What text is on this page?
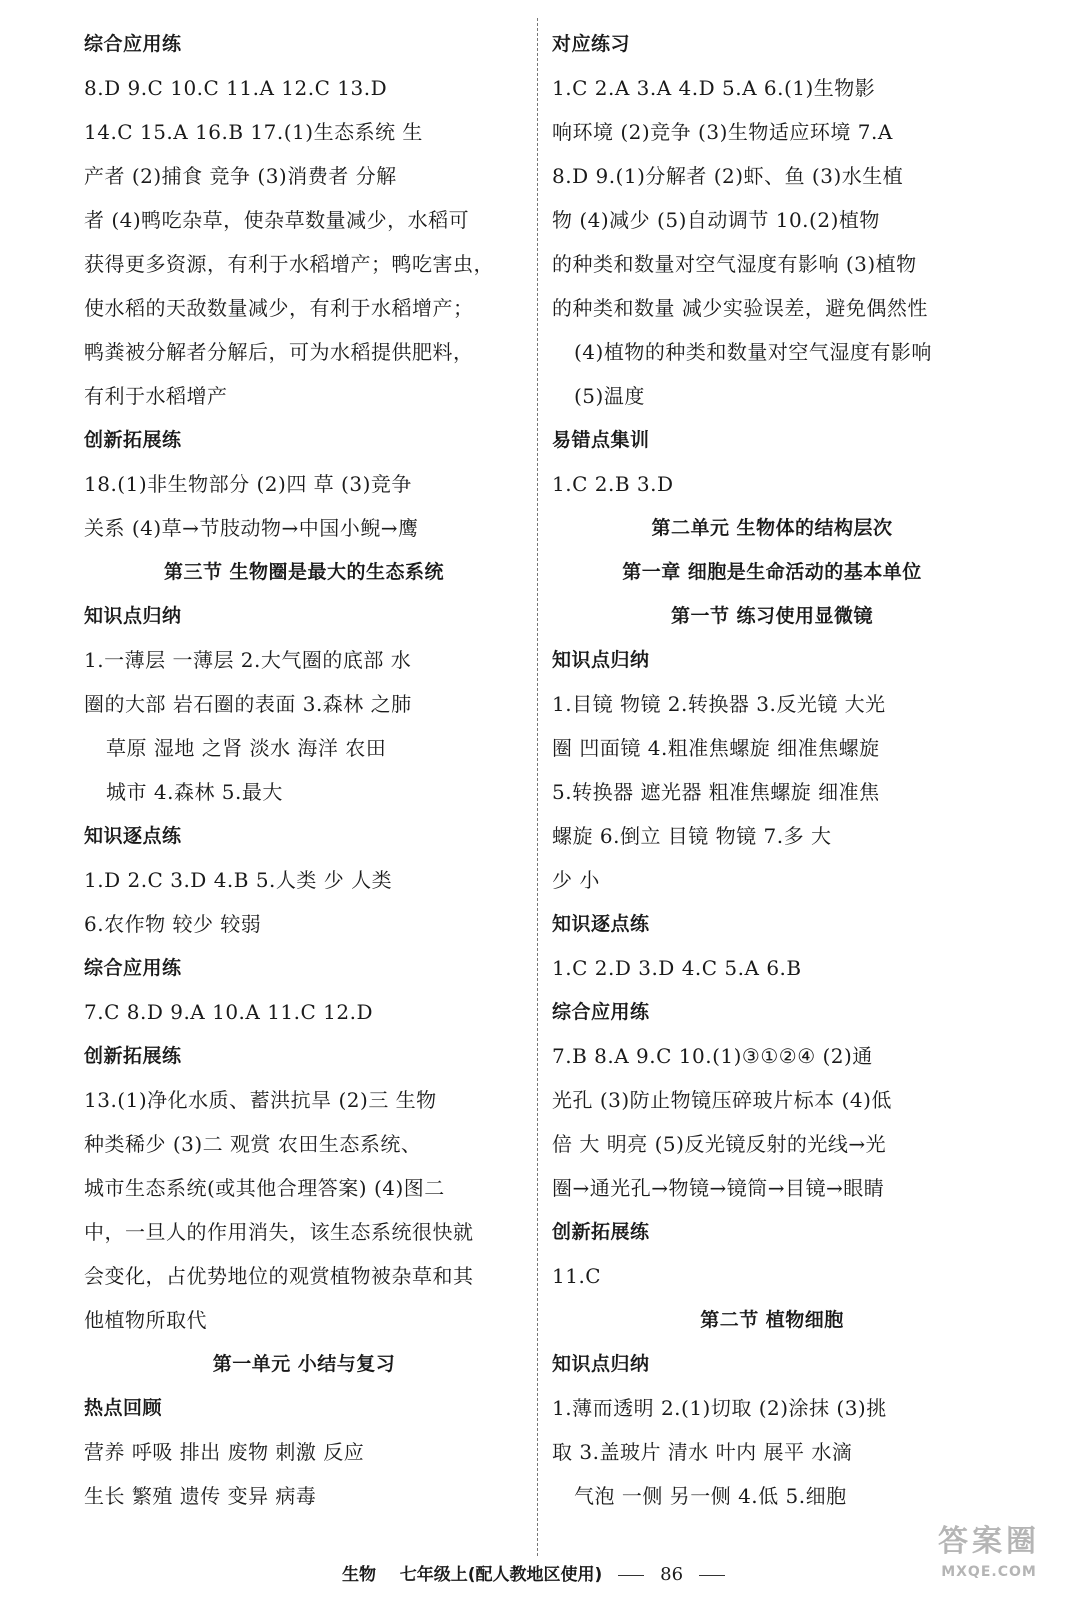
综合应用练
8.D 9.C 10.C 11.A 12.C 13.D
14.C 15.A 16.B 17.(1)生态系统 生
产者 (2)捕食 竞争 (3)消费者 分解
者 (4)鸭吃杂草，使杂草数量减少，水稻可
获得更多资源，有利于水稻增产；鸭吃害虫，
使水稻的天敌数量减少，有利于水稻增产；
鸭粪被分解者分解后，可为水稻提供肥料，
有利于水稻增产
创新拓展练
18.(1)非生物部分 (2)四 草 (3)竞争
关系 (4)草→节肢动物→中国小鲵→鹰
第三节 生物圈是最大的生态系统
知识点归纳
1.一薄层 一薄层 2.大气圈的底部 水
圈的大部 岩石圈的表面 3.森林 之肺
草原 湿地 之肾 淡水 海洋 农田
城市 4.森林 5.最大
知识逐点练
1.D 2.C 3.D 4.B 5.人类 少 人类
6.农作物 较少 较弱
综合应用练
7.C 8.D 9.A 10.A 11.C 12.D
创新拓展练
13.(1)净化水质、蓄洪抗旱 (2)三 生物
种类稀少 (3)二 观赏 农田生态系统、
城市生态系统(或其他合理答案) (4)图二
中，一旦人的作用消失，该生态系统很快就
会变化，占优势地位的观赏植物被杂草和其
他植物所取代
第一单元 小结与复习
热点回顾
营养 呼吸 排出 废物 刺激 反应
生长 繁殖 遗传 变异 病毒
对应练习
1.C 2.A 3.A 4.D 5.A 6.(1)生物影
响环境 (2)竞争 (3)生物适应环境 7.A
8.D 9.(1)分解者 (2)虾、鱼 (3)水生植
物 (4)减少 (5)自动调节 10.(2)植物
的种类和数量对空气湿度有影响 (3)植物
的种类和数量 减少实验误差，避免偶然性
(4)植物的种类和数量对空气湿度有影响
(5)温度
易错点集训
1.C 2.B 3.D
第二单元 生物体的结构层次
第一章 细胞是生命活动的基本单位
第一节 练习使用显微镜
知识点归纳
1.目镜 物镜 2.转换器 3.反光镜 大光
圈 凹面镜 4.粗准焦螺旋 细准焦螺旋
5.转换器 遮光器 粗准焦螺旋 细准焦
螺旋 6.倒立 目镜 物镜 7.多 大
少 小
知识逐点练
1.C 2.D 3.D 4.C 5.A 6.B
综合应用练
7.B 8.A 9.C 10.(1)③①②④ (2)通
光孔 (3)防止物镜压碎玻片标本 (4)低
倍 大 明亮 (5)反光镜反射的光线→光
圈→通光孔→物镜→镜筒→目镜→眼睛
创新拓展练
11.C
第二节 植物细胞
知识点归纳
1.薄而透明 2.(1)切取 (2)涂抹 (3)挑
取 3.盖玻片 清水 叶内 展平 水滴
气泡 一侧 另一侧 4.低 5.细胞
生物 七年级上(配人教地区使用)	86
答案圈
MXQE.COM
